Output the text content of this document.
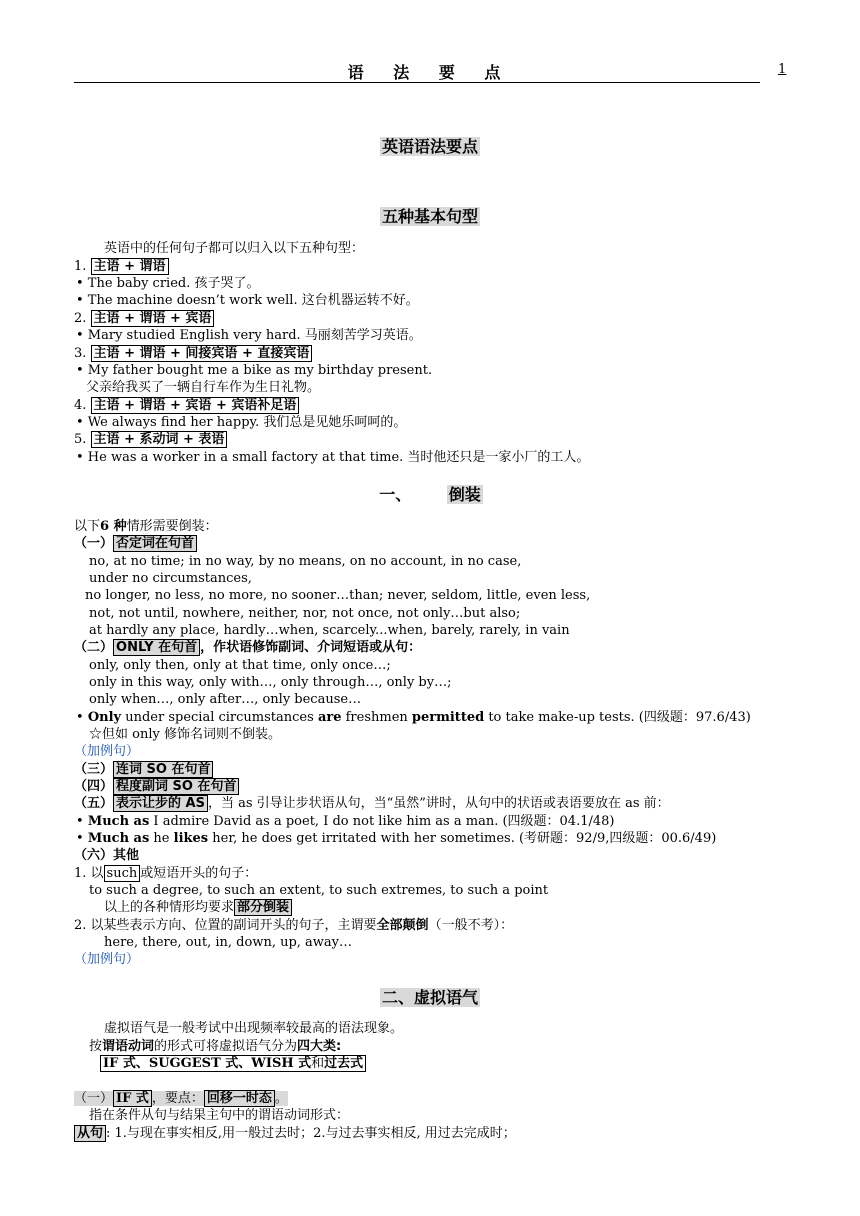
语 法 要 点	1
英语语法要点
五种基本句型
英语中的任何句子都可以归入以下五种句型：
1. 主语 + 谓语
• The baby cried. 孩子哭了。
• The machine doesn’t work well. 这台机器运转不好。
2. 主语 + 谓语 + 宾语
• Mary studied English very hard. 马丽刻苦学习英语。
3. 主语 + 谓语 + 间接宾语 + 直接宾语
• My father bought me a bike as my birthday present.
父亲给我买了一辆自行车作为生日礼物。
4. 主语 + 谓语 + 宾语 + 宾语补足语
• We always find her happy. 我们总是见她乐呵呵的。
5. 主语 + 系动词 + 表语
• He was a worker in a small factory at that time. 当时他还只是一家小厂的工人。
一、 倒装
以下6 种情形需要倒装：
（一） 否定词在句首
no, at no time; in no way, by no means, on no account, in no case,
under no circumstances,
no longer, no less, no more, no sooner…than; never, seldom, little, even less,
not, not until, nowhere, neither, nor, not once, not only…but also;
at hardly any place, hardly…when, scarcely...when, barely, rarely, in vain
（二） ONLY 在句首 ，作状语修饰副词、介词短语或从句：
only, only then, only at that time, only once…;
only in this way, only with…, only through…, only by…;
only when…, only after…, only because…
• Only under special circumstances are freshmen permitted to take make-up tests. (四级题：97.6/43)
☆但如 only 修饰名词则不倒装。
（加例句）
（三） 连词 SO 在句首
（四） 程度副词 SO 在句首
（五） 表示让步的 AS ，当 as 引导让步状语从句，当“虽然”讲时，从句中的状语或表语要放在 as 前：
• Much as I admire David as a poet, I do not like him as a man. (四级题：04.1/48)
• Much as he likes her, he does get irritated with her sometimes. (考研题：92/9,四级题：00.6/49)
（六）其他
1. 以 such 或短语开头的句子：
to such a degree, to such an extent, to such extremes, to such a point
以上的各种情形均要求 部分倒装
2. 以某些表示方向、位置的副词开头的句子，主谓要全部颠倒（一般不考）：
here, there, out, in, down, up, away…
（加例句）
二、虚拟语气
虚拟语气是一般考试中出现频率较最高的语法现象。
按谓语动词的形式可将虚拟语气分为四大类:
IF 式、SUGGEST 式、WISH 式和过去式
（一） IF 式 ，要点： 回移一时态 。
指在条件从句与结果主句中的谓语动词形式：
从句 : 1.与现在事实相反,用一般过去时；2.与过去事实相反, 用过去完成时；
